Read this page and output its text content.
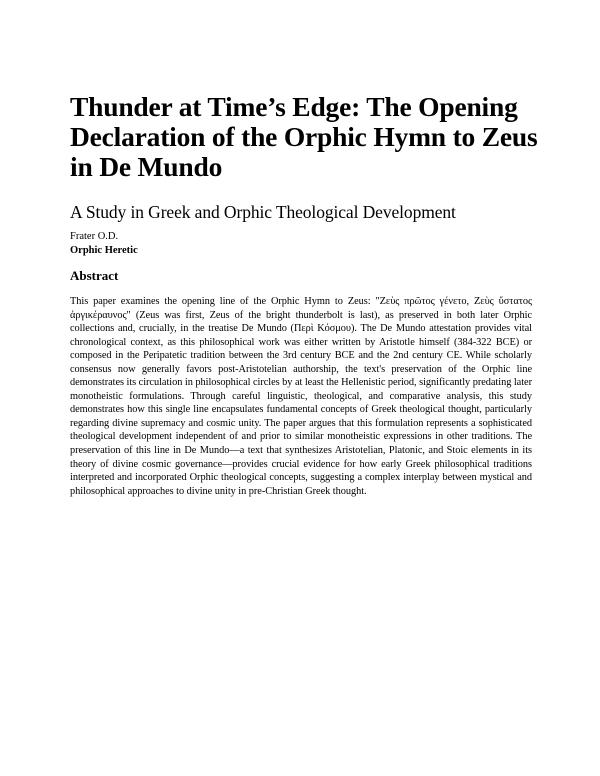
Thunder at Time’s Edge: The Opening Declaration of the Orphic Hymn to Zeus in De Mundo
A Study in Greek and Orphic Theological Development
Frater O.D.
Orphic Heretic
Abstract

This paper examines the opening line of the Orphic Hymn to Zeus: "Ζεὺς πρῶτος γένετο, Ζεὺς ὕστατος ἀργικέραυνος" (Zeus was first, Zeus of the bright thunderbolt is last), as preserved in both later Orphic collections and, crucially, in the treatise De Mundo (Περὶ Κόσμου). The De Mundo attestation provides vital chronological context, as this philosophical work was either written by Aristotle himself (384-322 BCE) or composed in the Peripatetic tradition between the 3rd century BCE and the 2nd century CE. While scholarly consensus now generally favors post-Aristotelian authorship, the text's preservation of the Orphic line demonstrates its circulation in philosophical circles by at least the Hellenistic period, significantly predating later monotheistic formulations. Through careful linguistic, theological, and comparative analysis, this study demonstrates how this single line encapsulates fundamental concepts of Greek theological thought, particularly regarding divine supremacy and cosmic unity. The paper argues that this formulation represents a sophisticated theological development independent of and prior to similar monotheistic expressions in other traditions. The preservation of this line in De Mundo—a text that synthesizes Aristotelian, Platonic, and Stoic elements in its theory of divine cosmic governance—provides crucial evidence for how early Greek philosophical traditions interpreted and incorporated Orphic theological concepts, suggesting a complex interplay between mystical and philosophical approaches to divine unity in pre-Christian Greek thought.
